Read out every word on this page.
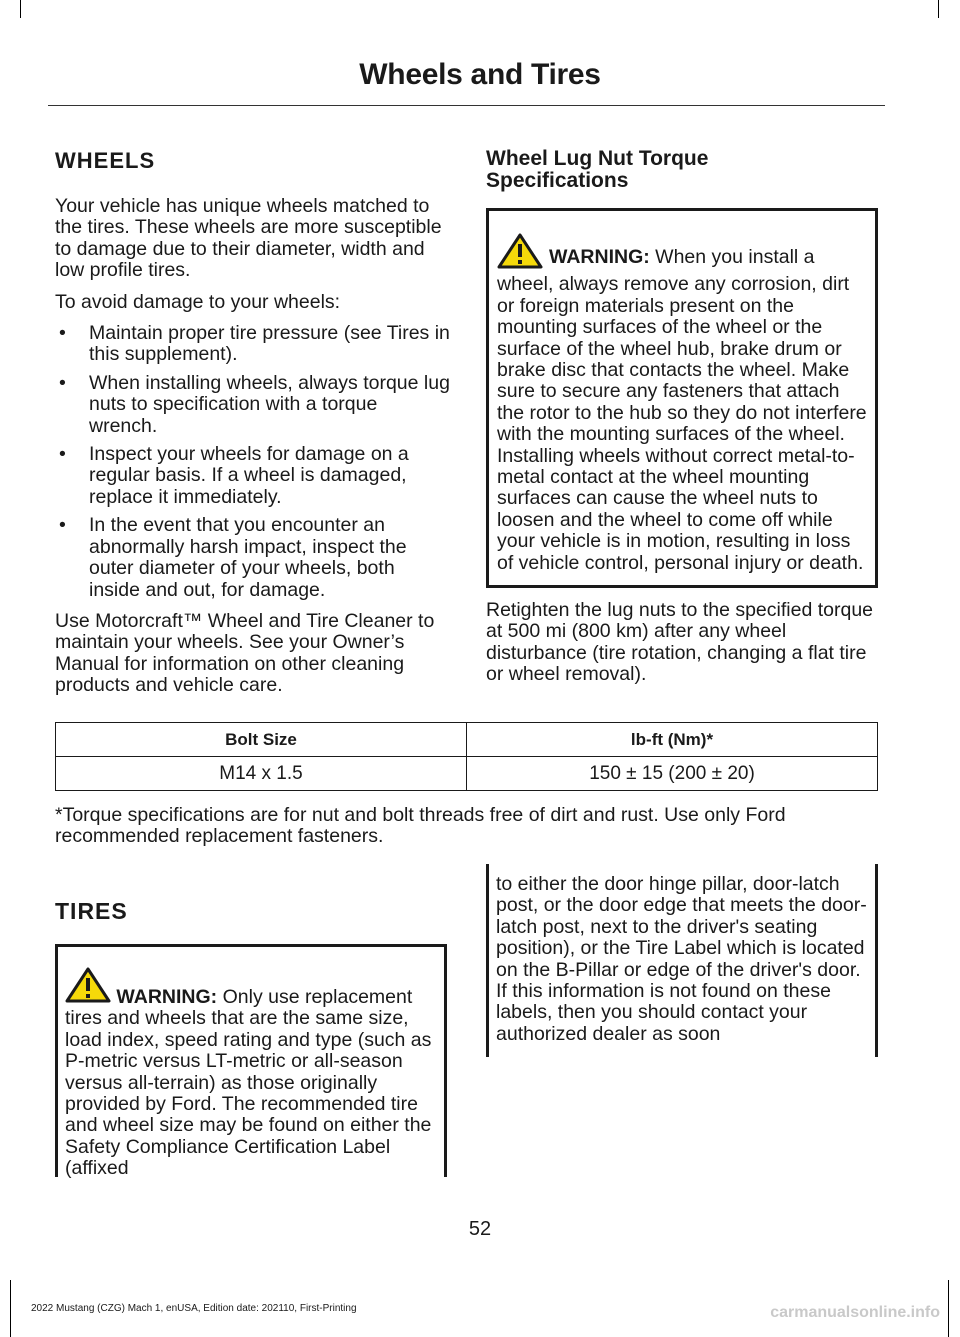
Wheels and Tires
WHEELS

Your vehicle has unique wheels matched to the tires. These wheels are more susceptible to damage due to their diameter, width and low profile tires.

To avoid damage to your wheels:

• Maintain proper tire pressure (see Tires in this supplement).
• When installing wheels, always torque lug nuts to specification with a torque wrench.
• Inspect your wheels for damage on a regular basis. If a wheel is damaged, replace it immediately.
• In the event that you encounter an abnormally harsh impact, inspect the outer diameter of your wheels, both inside and out, for damage.

Use Motorcraft™ Wheel and Tire Cleaner to maintain your wheels. See your Owner’s Manual for information on other cleaning products and vehicle care.

Wheel Lug Nut Torque Specifications
WARNING: When you install a wheel, always remove any corrosion, dirt or foreign materials present on the mounting surfaces of the wheel or the surface of the wheel hub, brake drum or brake disc that contacts the wheel. Make sure to secure any fasteners that attach the rotor to the hub so they do not interfere with the mounting surfaces of the wheel. Installing wheels without correct metal-to-metal contact at the wheel mounting surfaces can cause the wheel nuts to loosen and the wheel to come off while your vehicle is in motion, resulting in loss of vehicle control, personal injury or death.

Retighten the lug nuts to the specified torque at 500 mi (800 km) after any wheel disturbance (tire rotation, changing a flat tire or wheel removal).

Bolt Size	lb-ft (Nm)*
M14 x 1.5	150 ± 15 (200 ± 20)
*Torque specifications are for nut and bolt threads free of dirt and rust. Use only Ford recommended replacement fasteners.
TIRES
WARNING: Only use replacement tires and wheels that are the same size, load index, speed rating and type (such as P-metric versus LT-metric or all-season versus all-terrain) as those originally provided by Ford. The recommended tire and wheel size may be found on either the Safety Compliance Certification Label (affixed
to either the door hinge pillar, door-latch post, or the door edge that meets the door-latch post, next to the driver's seating position), or the Tire Label which is located on the B-Pillar or edge of the driver's door. If this information is not found on these labels, then you should contact your authorized dealer as soon
52
2022 Mustang (CZG) Mach 1, enUSA, Edition date: 202110, First-Printing	carmanualsonline.info
